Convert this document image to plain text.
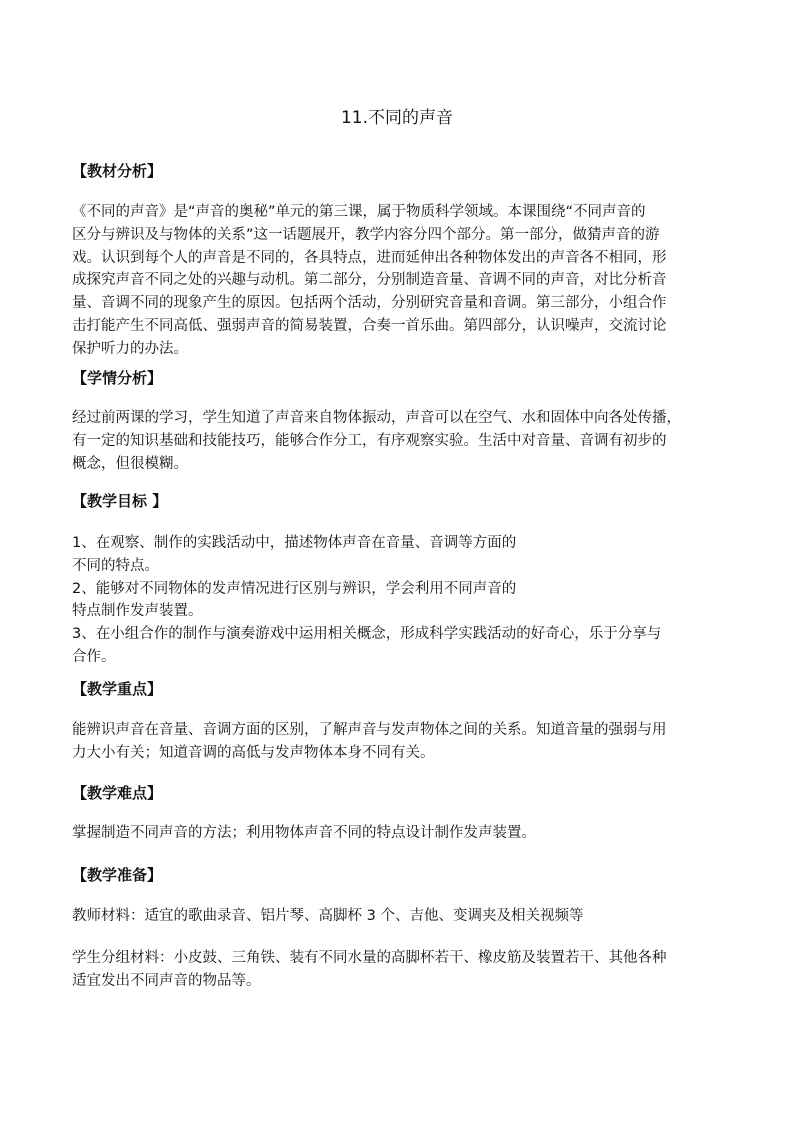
11.不同的声音
【教材分析】
《不同的声音》是“声音的奥秘”单元的第三课，属于物质科学领域。本课围绕“不同声音的
区分与辨识及与物体的关系”这一话题展开，教学内容分四个部分。第一部分，做猜声音的游
戏。认识到每个人的声音是不同的，各具特点，进而延伸出各种物体发出的声音各不相同，形
成探究声音不同之处的兴趣与动机。第二部分，分别制造音量、音调不同的声音，对比分析音
量、音调不同的现象产生的原因。包括两个活动，分别研究音量和音调。第三部分，小组合作
击打能产生不同高低、强弱声音的简易装置，合奏一首乐曲。第四部分，认识噪声，交流讨论
保护听力的办法。
【学情分析】
经过前两课的学习，学生知道了声音来自物体振动，声音可以在空气、水和固体中向各处传播，
有一定的知识基础和技能技巧，能够合作分工，有序观察实验。生活中对音量、音调有初步的
概念，但很模糊。
【教学目标 】
1、在观察、制作的实践活动中，描述物体声音在音量、音调等方面的
不同的特点。
2、能够对不同物体的发声情况进行区别与辨识，学会利用不同声音的
特点制作发声装置。
3、在小组合作的制作与演奏游戏中运用相关概念，形成科学实践活动的好奇心，乐于分享与
合作。
【教学重点】
能辨识声音在音量、音调方面的区别，了解声音与发声物体之间的关系。知道音量的强弱与用
力大小有关；知道音调的高低与发声物体本身不同有关。
【教学难点】
掌握制造不同声音的方法；利用物体声音不同的特点设计制作发声装置。
【教学准备】
教师材料：适宜的歌曲录音、铝片琴、高脚杯 3 个、吉他、变调夹及相关视频等
学生分组材料：小皮鼓、三角铁、装有不同水量的高脚杯若干、橡皮筋及装置若干、其他各种
适宜发出不同声音的物品等。
